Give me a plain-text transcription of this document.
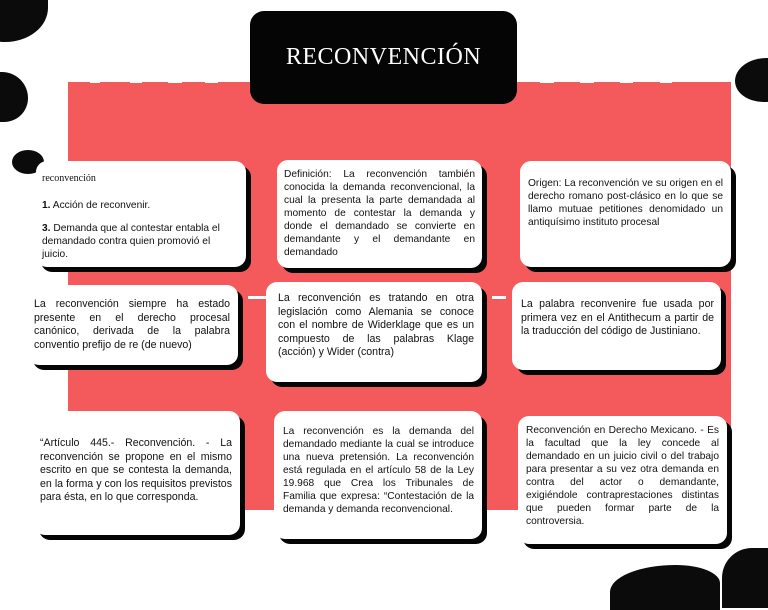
RECONVENCIÓN

reconvención

1. Acción de reconvenir.

3. Demanda que al contestar entabla el demandado contra quien promovió el juicio.

Definición: La reconvención también conocida la demanda reconvencional, la cual la presenta la parte demandada al momento de contestar la demanda y donde el demandado se convierte en demandante y el demandante en demandado

Origen: La reconvención ve su origen en el derecho romano post-clásico en lo que se llamo mutuae petitiones denomidado un antiquísimo instituto procesal

La reconvención siempre ha estado presente en el derecho procesal canónico, derivada de la palabra conventio prefijo de re (de nuevo)

La reconvención es tratando en otra legislación como Alemania se conoce con el nombre de Widerklage que es un compuesto de las palabras Klage (acción) y Wider (contra)

La palabra reconvenire fue usada por primera vez en el Antithecum a partir de la traducción del código de Justiniano.

“Artículo 445.- Reconvención. - La reconvención se propone en el mismo escrito en que se contesta la demanda, en la forma y con los requisitos previstos para ésta, en lo que corresponda.

La reconvención es la demanda del demandado mediante la cual se introduce una nueva pretensión. La reconvención está regulada en el artículo 58 de la Ley 19.968 que Crea los Tribunales de Familia que expresa: “Contestación de la demanda y demanda reconvencional.

Reconvención en Derecho Mexicano. - Es la facultad que la ley concede al demandado en un juicio civil o del trabajo para presentar a su vez otra demanda en contra del actor o demandante, exigiéndole contraprestaciones distintas que pueden formar parte de la controversia.
